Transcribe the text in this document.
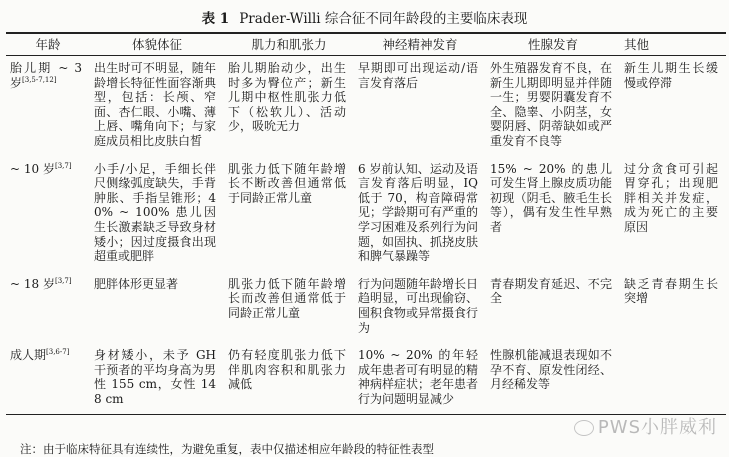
表 1 Prader-Willi 综合征不同年龄段的主要临床表现
年龄	体貌体征	肌力和肌张力	神经精神发育	性腺发育	其他
胎儿期 ~ 3 岁[3,5-7,12]	出生时可不明显，随年龄增长特征性面容渐典型，包括：长颅、窄面、杏仁眼、小嘴、薄上唇、嘴角向下；与家庭成员相比皮肤白皙	胎儿期胎动少，出生时多为臀位产；新生儿期中枢性肌张力低下（松软儿）、活动少，吸吮无力	早期即可出现运动/语言发育落后	外生殖器发育不良，在新生儿期即明显并伴随一生；男婴阴囊发育不全、隐睾、小阴茎，女婴阴唇、阴蒂缺如或严重发育不良等	新生儿期生长缓慢或停滞
~ 10 岁[3,7]	小手/小足，手细长伴尺侧缘弧度缺失，手背肿胀、手指呈锥形；40% ~ 100% 患儿因生长激素缺乏导致身材矮小；因过度摄食出现超重或肥胖	肌张力低下随年龄增长不断改善但通常低于同龄正常儿童	6 岁前认知、运动及语言发育落后明显，IQ 低于 70，构音障碍常见；学龄期可有严重的学习困难及系列行为问题，如固执、抓挠皮肤和脾气暴躁等	15% ~ 20% 的患儿可发生肾上腺皮质功能初现（阴毛、腋毛生长等），偶有发生性早熟者	过分贪食可引起胃穿孔；出现肥胖相关并发症，成为死亡的主要原因
~ 18 岁[3,7]	肥胖体形更显著	肌张力低下随年龄增长而改善但通常低于同龄正常儿童	行为问题随年龄增长日趋明显，可出现偷窃、囤积食物或异常摄食行为	青春期发育延迟、不完全	缺乏青春期生长突增
成人期[3,6-7]	身材矮小，未予 GH 干预者的平均身高为男性 155 cm，女性 148 cm	仍有轻度肌张力低下伴肌肉容积和肌张力减低	10% ~ 20% 的年轻成年患者可有明显的精神病样症状；老年患者行为问题明显减少	性腺机能减退表现如不孕不育、原发性闭经、月经稀发等	
PWS小胖威利
注：由于临床特征具有连续性，为避免重复，表中仅描述相应年龄段的特征性表型
